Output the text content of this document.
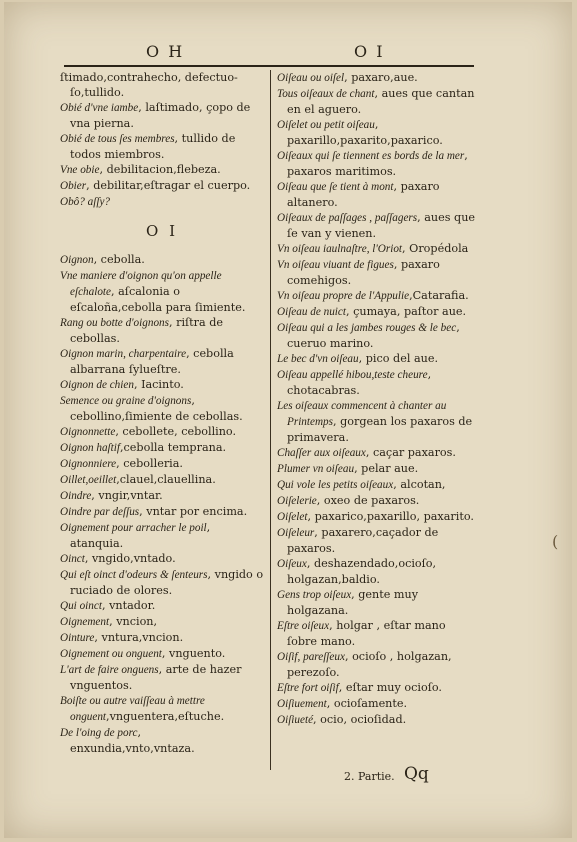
O H	O I
ſtimado,contrahecho, defectuo-ſo,tullido.
Obié d'vne iambe, laſtimado, çopo de vna pierna.
Obié de tous ſes membres, tullido de todos miembros.
Vne obie, debilitacion,flebeza.
Obier, debilitar,eſtragar el cuerpo.
Obô? aſſy?
O I
Oignon, cebolla.
Vne maniere d'oignon qu'on appelle eſchalote, aſcalonia o eſcaloña,cebolla para ſimiente.
Rang ou botte d'oignons, riſtra de cebollas.
Oignon marin, charpentaire, cebolla albarrana ſylueſtre.
Oignon de chien, Iacinto.
Semence ou graine d'oignons, cebollino,ſimiente de cebollas.
Oignonnette, cebollete, cebollino.
Oignon haſtif,cebolla temprana.
Oignonniere, cebolleria.
Oillet,oeillet,clauel,clauellina.
Oindre, vngir,vntar.
Oindre par deſſus, vntar por encima.
Oignement pour arracher le poil, atanquia.
Oinct, vngido,vntado.
Qui eſt oinct d'odeurs & ſenteurs, vngido o ruciado de olores.
Qui oinct, vntador.
Oignement, vncion,
Ointure, vntura,vncion.
Oignement ou onguent, vnguento.
L'art de faire onguens, arte de hazer vnguentos.
Boiſte ou autre vaiſſeau à mettre onguent,vnguentera,eſtuche.
De l'oing de porc, enxundia,vnto,vntaza.
Oiſeau ou oiſel, paxaro,aue.
Tous oiſeaux de chant, aues que cantan en el aguero.
Oiſelet ou petit oiſeau, paxarillo,paxarito,paxarico.
Oiſeaux qui ſe tiennent es bords de la mer, paxaros maritimos.
Oiſeau que ſe tient à mont, paxaro altanero.
Oiſeaux de paſſages , paſſagers, aues que ſe van y vienen.
Vn oiſeau iaulnaſtre, l'Oriot, Oropédola
Vn oiſeau viuant de figues, paxaro comehigos.
Vn oiſeau propre de l'Appulie,Catarafia.
Oiſeau de nuict, çumaya, paſtor aue.
Oiſeau qui a les jambes rouges & le bec, cueruo marino.
Le bec d'vn oiſeau, pico del aue.
Oiſeau appellé hibou,teste cheure, chotacabras.
Les oiſeaux commencent à chanter au Printemps, gorgean los paxaros de primavera.
Chaſſer aux oiſeaux, caçar paxaros.
Plumer vn oiſeau, pelar aue.
Qui vole les petits oiſeaux, alcotan,
Oiſelerie, oxeo de paxaros.
Oiſelet, paxarico,paxarillo, paxarito.
Oiſeleur, paxarero,caçador de paxaros.
Oiſeux, deshazendado,ocioſo, holgazan,baldio.
Gens trop oiſeux, gente muy holgazana.
Eſtre oiſeux, holgar , eſtar mano ſobre mano.
Oiſif, pareſſeux, ocioſo , holgazan, perezoſo.
Eſtre fort oiſif, eſtar muy ocioſo.
Oiſiuement, ocioſamente.
Oiſiueté, ocio, ocioſidad.
2. Partie. Qq
(
